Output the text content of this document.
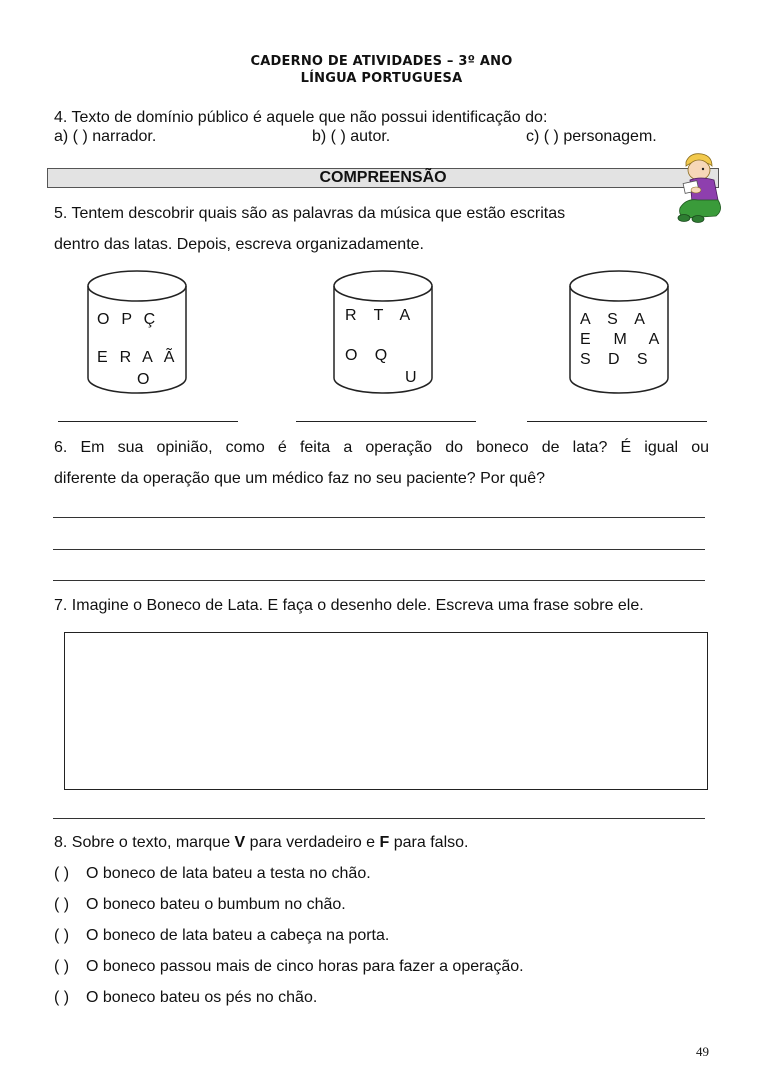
CADERNO DE ATIVIDADES – 3º ANO
LÍNGUA PORTUGUESA
4. Texto de domínio público é aquele que não possui identificação do:
a) ( ) narrador.	b) ( ) autor.	c) ( ) personagem.
COMPREENSÃO
5. Tentem descobrir quais são as palavras da música que estão escritas
dentro das latas. Depois, escreva organizadamente.
O  P  Ç
E  R  A  Ã
O
R   T   A
O   Q
U
A   S   A
E    M    A
S   D   S
6. Em sua opinião, como é feita a operação do boneco de lata? É igual ou
diferente da operação que um médico faz no seu paciente? Por quê?
7. Imagine o Boneco de Lata. E faça o desenho dele. Escreva uma frase sobre ele.
8. Sobre o texto, marque V para verdadeiro e F para falso.
( ) O boneco de lata bateu a testa no chão.
( ) O boneco bateu o bumbum no chão.
( ) O boneco de lata bateu a cabeça na porta.
( ) O boneco passou mais de cinco horas para fazer a operação.
( ) O boneco bateu os pés no chão.
49
